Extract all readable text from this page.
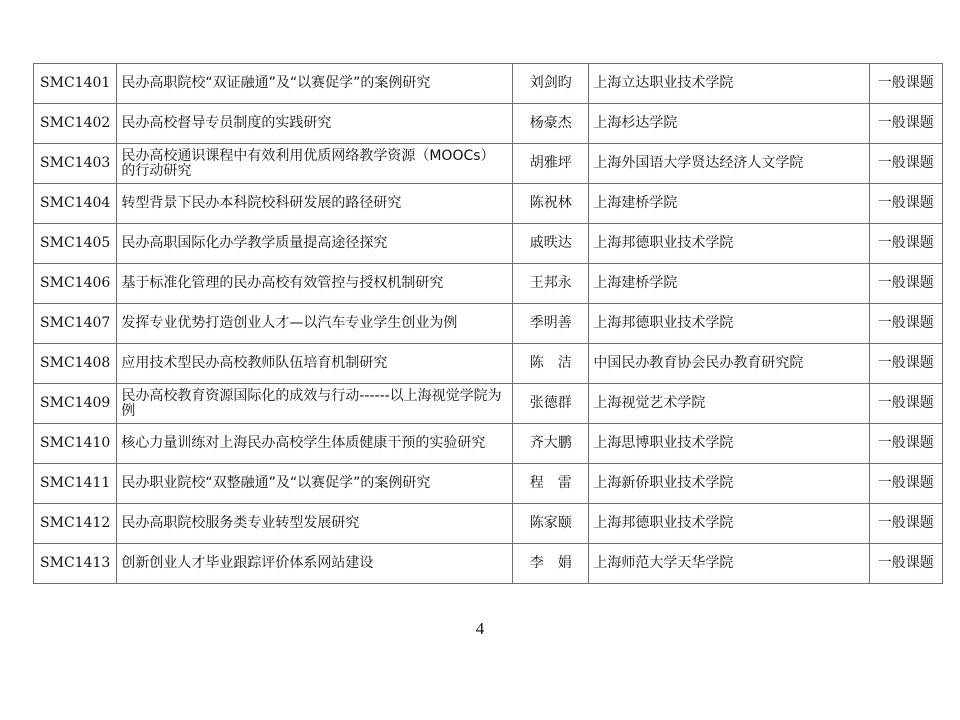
SMC1401	民办高职院校“双证融通”及“以赛促学”的案例研究	刘剑昀	上海立达职业技术学院	一般课题
SMC1402	民办高校督导专员制度的实践研究	杨豪杰	上海杉达学院	一般课题
SMC1403	民办高校通识课程中有效利用优质网络教学资源（MOOCs）的行动研究	胡雅坪	上海外国语大学贤达经济人文学院	一般课题
SMC1404	转型背景下民办本科院校科研发展的路径研究	陈祝林	上海建桥学院	一般课题
SMC1405	民办高职国际化办学教学质量提高途径探究	戚昳达	上海邦德职业技术学院	一般课题
SMC1406	基于标准化管理的民办高校有效管控与授权机制研究	王邦永	上海建桥学院	一般课题
SMC1407	发挥专业优势打造创业人才—以汽车专业学生创业为例	季明善	上海邦德职业技术学院	一般课题
SMC1408	应用技术型民办高校教师队伍培育机制研究	陈　洁	中国民办教育协会民办教育研究院	一般课题
SMC1409	民办高校教育资源国际化的成效与行动------以上海视觉学院为例	张德群	上海视觉艺术学院	一般课题
SMC1410	核心力量训练对上海民办高校学生体质健康干预的实验研究	齐大鹏	上海思博职业技术学院	一般课题
SMC1411	民办职业院校“双整融通”及“以赛促学”的案例研究	程　雷	上海新侨职业技术学院	一般课题
SMC1412	民办高职院校服务类专业转型发展研究	陈家颐	上海邦德职业技术学院	一般课题
SMC1413	创新创业人才毕业跟踪评价体系网站建设	李　娟	上海师范大学天华学院	一般课题
4
